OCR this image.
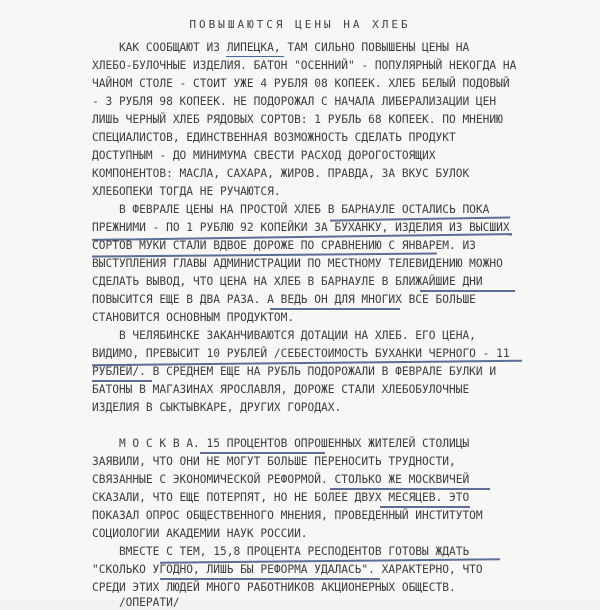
ПОВЫШАЮТСЯ ЦЕНЫ НА ХЛЕБ
КАК СООБЩАЮТ ИЗ ЛИПЕЦКА, ТАМ СИЛЬНО ПОВЫШЕНЫ ЦЕНЫ НА
ХЛЕБО-БУЛОЧНЫЕ ИЗДЕЛИЯ. БАТОН "ОСЕННИЙ" - ПОПУЛЯРНЫЙ НЕКОГДА НА
ЧАЙНОМ СТОЛЕ - СТОИТ УЖЕ 4 РУБЛЯ 08 КОПЕЕК. ХЛЕБ БЕЛЫЙ ПОДОВЫЙ
- 3 РУБЛЯ 98 КОПЕЕК. НЕ ПОДОРОЖАЛ С НАЧАЛА ЛИБЕРАЛИЗАЦИИ ЦЕН
ЛИШЬ ЧЕРНЫЙ ХЛЕБ РЯДОВЫХ СОРТОВ: 1 РУБЛЬ 68 КОПЕЕК. ПО МНЕНИЮ
СПЕЦИАЛИСТОВ, ЕДИНСТВЕННАЯ ВОЗМОЖНОСТЬ СДЕЛАТЬ ПРОДУКТ
ДОСТУПНЫМ - ДО МИНИМУМА СВЕСТИ РАСХОД ДОРОГОСТОЯЩИХ
КОМПОНЕНТОВ: МАСЛА, САХАРА, ЖИРОВ. ПРАВДА, ЗА ВКУС БУЛОК
ХЛЕБОПЕКИ ТОГДА НЕ РУЧАЮТСЯ.
В ФЕВРАЛЕ ЦЕНЫ НА ПРОСТОЙ ХЛЕБ В БАРНАУЛЕ ОСТАЛИСЬ ПОКА
ПРЕЖНИМИ - ПО 1 РУБЛЮ 92 КОПЕЙКИ ЗА БУХАНКУ, ИЗДЕЛИЯ ИЗ ВЫСШИХ
СОРТОВ МУКИ СТАЛИ ВДВОЕ ДОРОЖЕ ПО СРАВНЕНИЮ С ЯНВАРЕМ. ИЗ
ВЫСТУПЛЕНИЯ ГЛАВЫ АДМИНИСТРАЦИИ ПО МЕСТНОМУ ТЕЛЕВИДЕНИЮ МОЖНО
СДЕЛАТЬ ВЫВОД, ЧТО ЦЕНА НА ХЛЕБ В БАРНАУЛЕ В БЛИЖАЙШИЕ ДНИ
ПОВЫСИТСЯ ЕЩЕ В ДВА РАЗА. А ВЕДЬ ОН ДЛЯ МНОГИХ ВСЕ БОЛЬШЕ
СТАНОВИТСЯ ОСНОВНЫМ ПРОДУКТОМ.
В ЧЕЛЯБИНСКЕ ЗАКАНЧИВАЮТСЯ ДОТАЦИИ НА ХЛЕБ. ЕГО ЦЕНА,
ВИДИМО, ПРЕВЫСИТ 10 РУБЛЕЙ /СЕБЕСТОИМОСТЬ БУХАНКИ ЧЕРНОГО - 11
РУБЛЕЙ/. В СРЕДНЕМ ЕЩЕ НА РУБЛЬ ПОДОРОЖАЛИ В ФЕВРАЛЕ БУЛКИ И
БАТОНЫ В МАГАЗИНАХ ЯРОСЛАВЛЯ, ДОРОЖЕ СТАЛИ ХЛЕБОБУЛОЧНЫЕ
ИЗДЕЛИЯ В СЫКТЫВКАРЕ, ДРУГИХ ГОРОДАХ.
М О С К В А. 15 ПРОЦЕНТОВ ОПРОШЕННЫХ ЖИТЕЛЕЙ СТОЛИЦЫ
ЗАЯВИЛИ, ЧТО ОНИ НЕ МОГУТ БОЛЬШЕ ПЕРЕНОСИТЬ ТРУДНОСТИ,
СВЯЗАННЫЕ С ЭКОНОМИЧЕСКОЙ РЕФОРМОЙ. СТОЛЬКО ЖЕ МОСКВИЧЕЙ
СКАЗАЛИ, ЧТО ЕЩЕ ПОТЕРПЯТ, НО НЕ БОЛЕЕ ДВУХ МЕСЯЦЕВ. ЭТО
ПОКАЗАЛ ОПРОС ОБЩЕСТВЕННОГО МНЕНИЯ, ПРОВЕДЕННЫЙ ИНСТИТУТОМ
СОЦИОЛОГИИ АКАДЕМИИ НАУК РОССИИ.
ВМЕСТЕ С ТЕМ, 15,8 ПРОЦЕНТА РЕСПОДЕНТОВ ГОТОВЫ ЖДАТЬ
"СКОЛЬКО УГОДНО, ЛИШЬ БЫ РЕФОРМА УДАЛАСЬ". ХАРАКТЕРНО, ЧТО
СРЕДИ ЭТИХ ЛЮДЕЙ МНОГО РАБОТНИКОВ АКЦИОНЕРНЫХ ОБЩЕСТВ.
/ОПЕРАТИ/
